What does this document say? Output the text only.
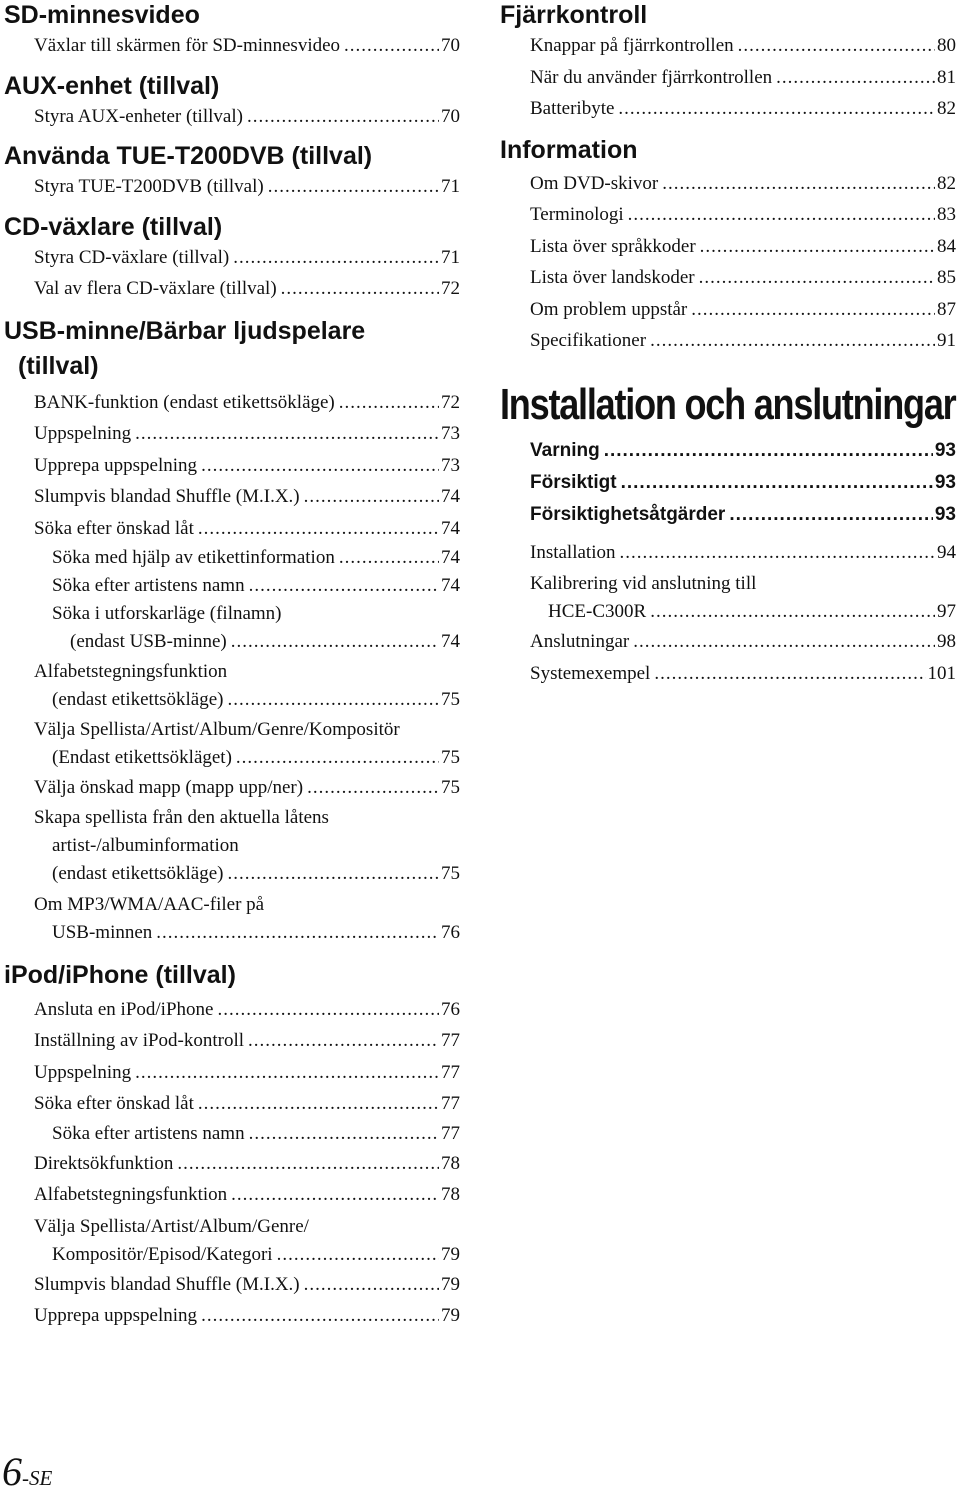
SD-minnesvideo
Växlar till skärmen för SD-minnesvideo .....	70
AUX-enhet (tillval)
Styra AUX-enheter (tillval) .....	70
Använda TUE-T200DVB (tillval)
Styra TUE-T200DVB (tillval) .....	71
CD-växlare (tillval)
Styra CD-växlare (tillval) .....	71
Val av flera CD-växlare (tillval) .....	72
USB-minne/Bärbar ljudspelare
(tillval)
BANK-funktion (endast etikettsökläge) .....	72
Uppspelning .....	73
Upprepa uppspelning .....	73
Slumpvis blandad Shuffle (M.I.X.) .....	74
Söka efter önskad låt .....	74
Söka med hjälp av etikettinformation .....	74
Söka efter artistens namn .....	74
Söka i utforskarläge (filnamn)
(endast USB-minne) .....	74
Alfabetstegningsfunktion
(endast etikettsökläge) .....	75
Välja Spellista/Artist/Album/Genre/Kompositör
(Endast etikettsökläget) .....	75
Välja önskad mapp (mapp upp/ner) .....	75
Skapa spellista från den aktuella låtens
artist-/albuminformation
(endast etikettsökläge) .....	75
Om MP3/WMA/AAC-filer på
USB-minnen .....	76
iPod/iPhone (tillval)
Ansluta en iPod/iPhone .....	76
Inställning av iPod-kontroll .....	77
Uppspelning .....	77
Söka efter önskad låt .....	77
Söka efter artistens namn .....	77
Direktsökfunktion .....	78
Alfabetstegningsfunktion .....	78
Välja Spellista/Artist/Album/Genre/
Kompositör/Episod/Kategori .....	79
Slumpvis blandad Shuffle (M.I.X.) .....	79
Upprepa uppspelning .....	79
Fjärrkontroll
Knappar på fjärrkontrollen .....	80
När du använder fjärrkontrollen .....	81
Batteribyte .....	82
Information
Om DVD-skivor .....	82
Terminologi .....	83
Lista över språkkoder .....	84
Lista över landskoder .....	85
Om problem uppstår .....	87
Specifikationer .....	91
Installation och anslutningar
Varning .....	93
Försiktigt .....	93
Försiktighetsåtgärder .....	93
Installation .....	94
Kalibrering vid anslutning till
HCE-C300R .....	97
Anslutningar .....	98
Systemexempel .....	101
6-SE
